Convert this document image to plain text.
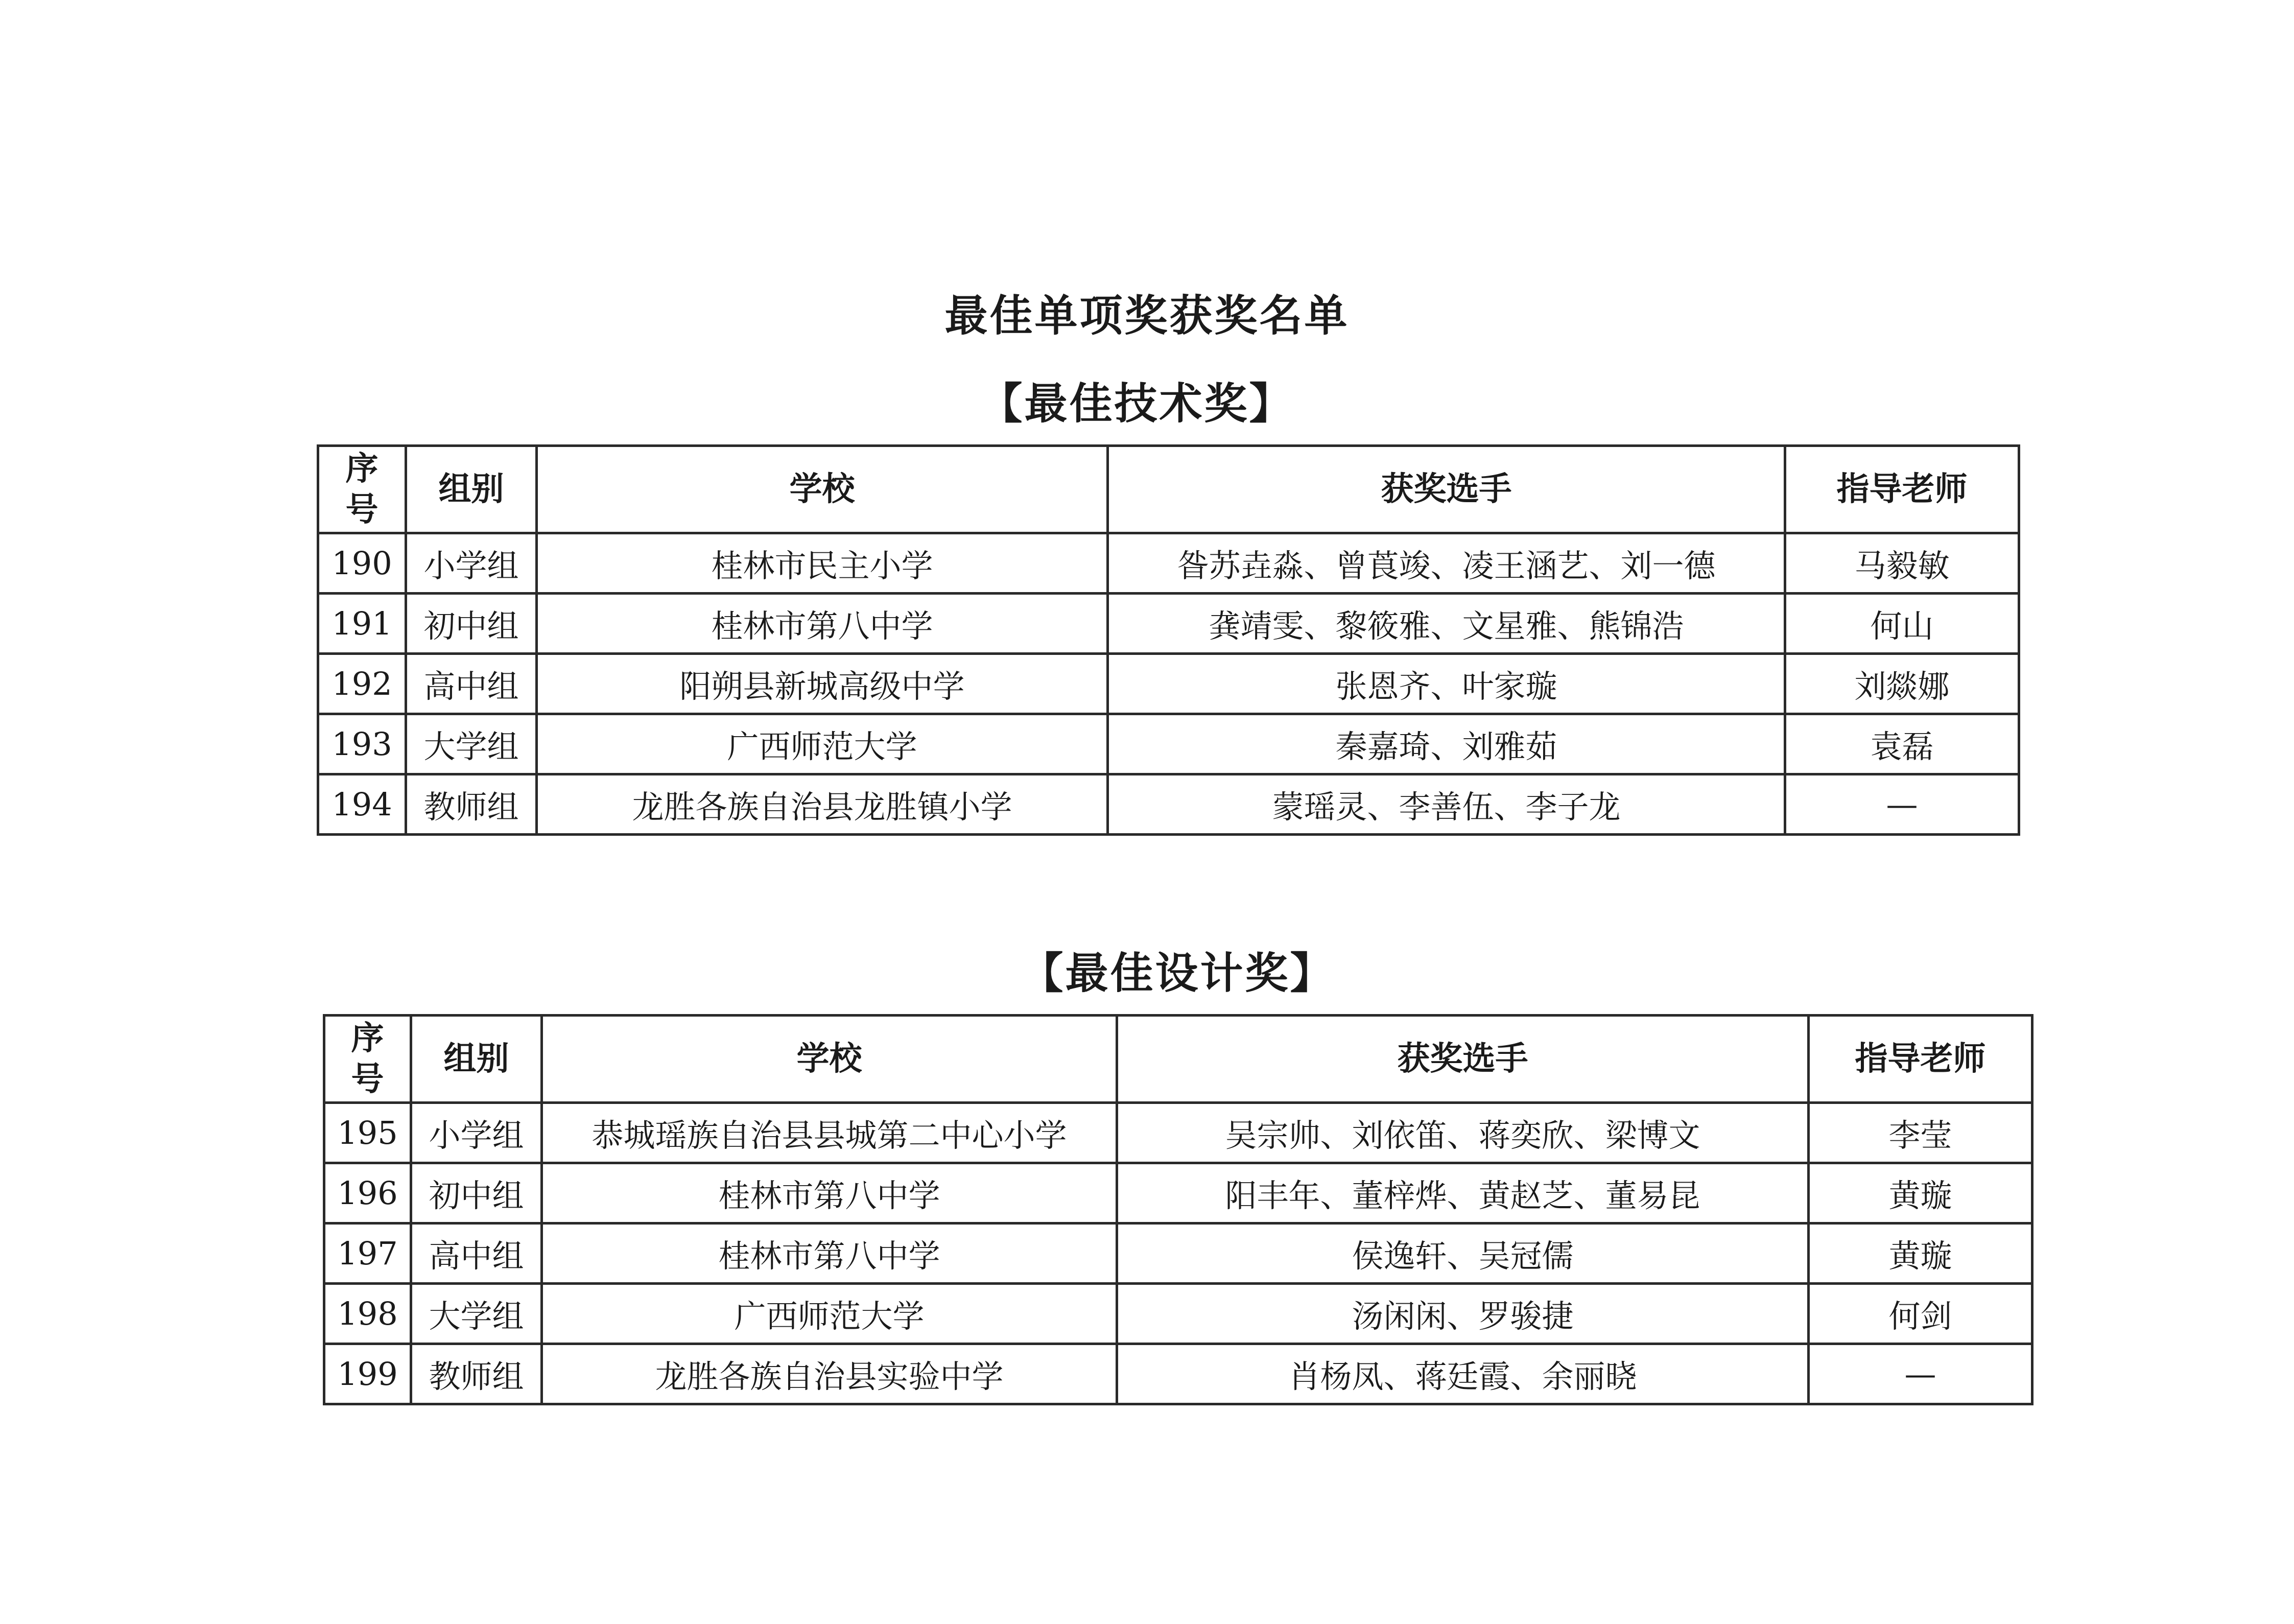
最佳单项奖获奖名单
【最佳技术奖】
序号	组别	学校	获奖选手	指导老师
190	小学组	桂林市民主小学	昝苏垚淼、曾莨竣、凌王涵艺、刘一德	马毅敏
191	初中组	桂林市第八中学	龚靖雯、黎筱雅、文星雅、熊锦浩	何山
192	高中组	阳朔县新城高级中学	张恩齐、叶家璇	刘燚娜
193	大学组	广西师范大学	秦嘉琦、刘雅茹	袁磊
194	教师组	龙胜各族自治县龙胜镇小学	蒙瑶灵、李善伍、李子龙	—
【最佳设计奖】
序号	组别	学校	获奖选手	指导老师
195	小学组	恭城瑶族自治县县城第二中心小学	吴宗帅、刘依笛、蒋奕欣、梁博文	李莹
196	初中组	桂林市第八中学	阳丰年、董梓烨、黄赵芝、董易昆	黄璇
197	高中组	桂林市第八中学	侯逸轩、吴冠儒	黄璇
198	大学组	广西师范大学	汤闲闲、罗骏捷	何剑
199	教师组	龙胜各族自治县实验中学	肖杨凤、蒋廷霞、余丽晓	—
